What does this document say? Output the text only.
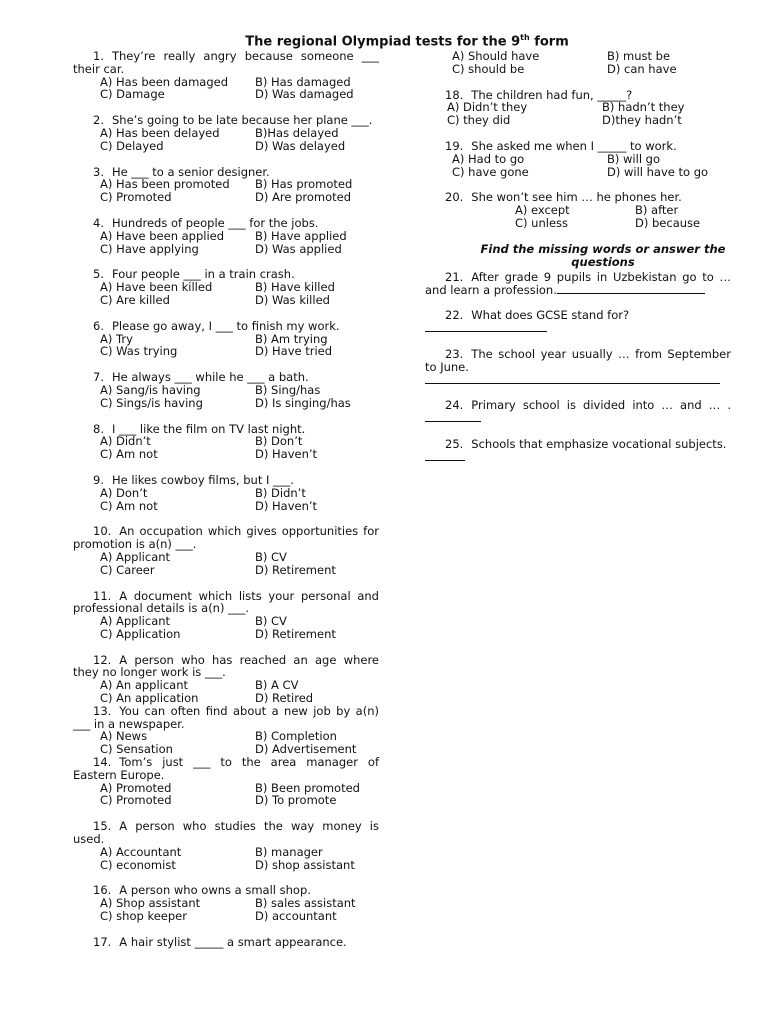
The regional Olympiad tests for the 9th form
1. They’re really angry because someone ___ their car.
A) Has been damaged	B) Has damaged
C) Damage	D) Was damaged
2. She’s going to be late because her plane ___.
A) Has been delayed	B)Has delayed
C) Delayed	D) Was delayed
3. He ___ to a senior designer.
A) Has been promoted	B) Has promoted
C) Promoted	D) Are promoted
4. Hundreds of people ___ for the jobs.
A) Have been applied	B) Have applied
C) Have applying	D) Was applied
5. Four people ___ in a train crash.
A) Have been killed	B) Have killed
C) Are killed	D) Was killed
6. Please go away, I ___ to finish my work.
A) Try	B) Am trying
C) Was trying	D) Have tried
7. He always ___ while he ___ a bath.
A) Sang/is having	B) Sing/has
C) Sings/is having	D) Is singing/has
8. I ___ like the film on TV last night.
A) Didn’t	B) Don’t
C) Am not	D) Haven’t
9. He likes cowboy films, but I ___.
A) Don’t	B) Didn’t
C) Am not	D) Haven’t
10. An occupation which gives opportunities for promotion is a(n) ___.
A) Applicant	B) CV
C) Career	D) Retirement
11. A document which lists your personal and professional details is a(n) ___.
A) Applicant	B) CV
C) Application	D) Retirement
12. A person who has reached an age where they no longer work is ___.
A) An applicant	B) A CV
C) An application	D) Retired
13. You can often find about a new job by a(n) ___ in a newspaper.
A) News	B) Completion
C) Sensation	D) Advertisement
14. Tom’s just ___ to the area manager of Eastern Europe.
A) Promoted	B) Been promoted
C) Promoted	D) To promote
15. A person who studies the way money is used.
A) Accountant	B) manager
C) economist	D) shop assistant
16. A person who owns a small shop.
A) Shop assistant	B) sales assistant
C) shop keeper	D) accountant
17. A hair stylist _____ a smart appearance.
A) Should have	B) must be
C) should be	D) can have
18. The children had fun, _____?
A) Didn’t they	B) hadn’t they
C) they did	D)they hadn’t
19. She asked me when I _____ to work.
A) Had to go	B) will go
C) have gone	D) will have to go
20. She won’t see him … he phones her.
A) except	B) after
C) unless	D) because
Find the missing words or answer the questions
21. After grade 9 pupils in Uzbekistan go to … and learn a profession.
22. What does GCSE stand for?
23. The school year usually … from September to June.
24. Primary school is divided into … and … .
25. Schools that emphasize vocational subjects.
